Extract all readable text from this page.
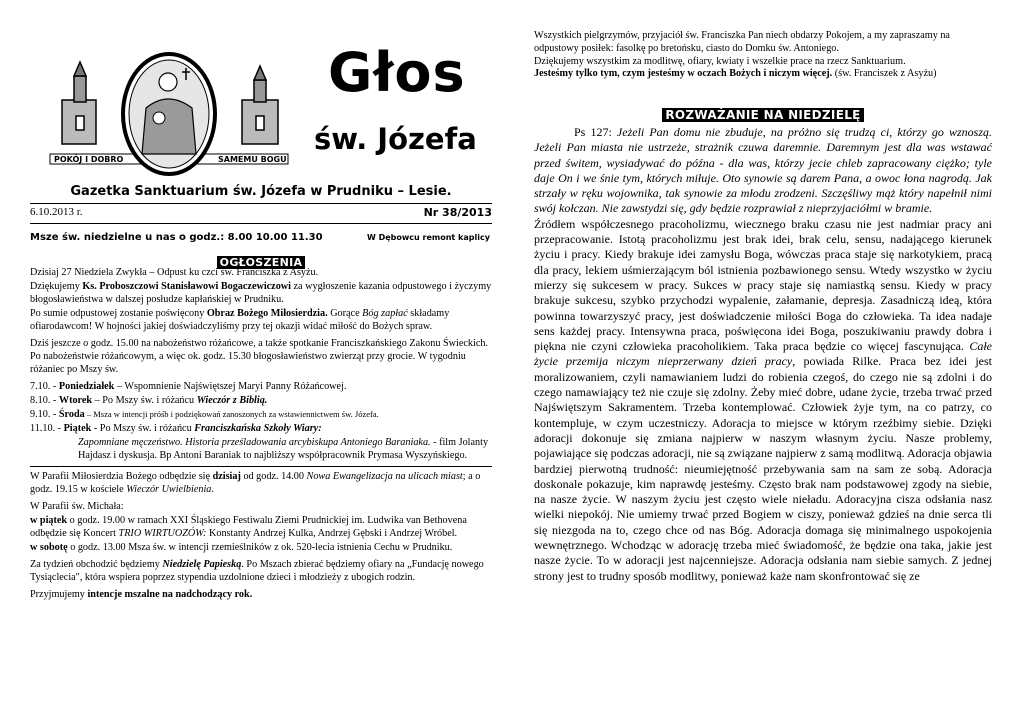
POKÓJ I DOBRO	SAMEMU BOGU
Głos
św. Józefa
Gazetka Sanktuarium św. Józefa w Prudniku – Lesie.
6.10.2013 r.	Nr 38/2013
Msze św. niedzielne u nas o godz.: 8.00 10.00 11.30	W Dębowcu remont kaplicy
OGŁOSZENIA

Dzisiaj 27 Niedziela Zwykła – Odpust ku czci św. Franciszka z Asyżu.

Dziękujemy Ks. Proboszczowi Stanisławowi Bogaczewiczowi za wygłoszenie kazania odpustowego i życzymy błogosławieństwa w dalszej posłudze kapłańskiej w Prudniku.

Po sumie odpustowej zostanie poświęcony Obraz Bożego Miłosierdzia. Gorące Bóg zapłać składamy ofiarodawcom! W hojności jakiej doświadczyliśmy przy tej okazji widać miłość do Bożych spraw.

Dziś jeszcze o godz. 15.00 na nabożeństwo różańcowe, a także spotkanie Franciszkańskiego Zakonu Świeckich. Po nabożeństwie różańcowym, a więc ok. godz. 15.30 błogosławieństwo zwierząt przy grocie. W tygodniu różaniec po Mszy św.

7.10. - Poniedziałek – Wspomnienie Najświętszej Maryi Panny Różańcowej.

8.10. - Wtorek – Po Mszy św. i różańcu Wieczór z Biblią.

9.10. - Środa – Msza w intencji próśb i podziękowań zanoszonych za wstawiennictwem św. Józefa.

11.10. - Piątek - Po Mszy św. i różańcu Franciszkańska Szkoły Wiary:

Zapomniane męczeństwo. Historia prześladowania arcybiskupa Antoniego Baraniaka. - film Jolanty Hajdasz i dyskusja. Bp Antoni Baraniak to najbliższy współpracownik Prymasa Wyszyńskiego.

W Parafii Miłosierdzia Bożego odbędzie się dzisiaj od godz. 14.00 Nowa Ewangelizacja na ulicach miast; a o godz. 19.15 w kościele Wieczór Uwielbienia.

W Parafii św. Michała:

w piątek o godz. 19.00 w ramach XXI Śląskiego Festiwalu Ziemi Prudnickiej im. Ludwika van Bethovena odbędzie się Koncert TRIO WIRTUOZÓW: Konstanty Andrzej Kulka, Andrzej Gębski i Andrzej Wróbel.

w sobotę o godz. 13.00 Msza św. w intencji rzemieślników z ok. 520-lecia istnienia Cechu w Prudniku.

Za tydzień obchodzić będziemy Niedzielę Papieską. Po Mszach zbierać będziemy ofiary na „Fundację nowego Tysiąclecia", która wspiera poprzez stypendia uzdolnione dzieci i młodzieży z ubogich rodzin.

Przyjmujemy intencje mszalne na nadchodzący rok.

Wszystkich pielgrzymów, przyjaciół św. Franciszka Pan niech obdarzy Pokojem, a my zapraszamy na odpustowy posiłek: fasolkę po bretońsku, ciasto do Domku św. Antoniego.

Dziękujemy wszystkim za modlitwę, ofiary, kwiaty i wszelkie prace na rzecz Sanktuarium.

Jesteśmy tylko tym, czym jesteśmy w oczach Bożych i niczym więcej. (św. Franciszek z Asyżu)

ROZWAŻANIE NA NIEDZIELĘ

Ps 127: Jeżeli Pan domu nie zbuduje, na próżno się trudzą ci, którzy go wznoszą. Jeżeli Pan miasta nie ustrzeże, strażnik czuwa daremnie. Daremnym jest dla was wstawać przed świtem, wysiadywać do późna - dla was, którzy jecie chleb zapracowany ciężko; tyle daje On i we śnie tym, których miłuje. Oto synowie są darem Pana, a owoc łona nagrodą. Jak strzały w ręku wojownika, tak synowie za młodu zrodzeni. Szczęśliwy mąż który napełnił nimi swój kołczan. Nie zawstydzi się, gdy będzie rozprawiał z nieprzyjaciółmi w bramie.

Źródłem współczesnego pracoholizmu, wiecznego braku czasu nie jest nadmiar pracy ani przepracowanie. Istotą pracoholizmu jest brak idei, brak celu, sensu, nadającego kierunek życiu i pracy. Kiedy brakuje idei zamysłu Boga, wówczas praca staje się narkotykiem, pracą dla pracy, lekiem uśmierzającym ból istnienia pozbawionego sensu. Wtedy wszystko w życiu mierzy się sukcesem w pracy. Sukces w pracy staje się namiastką sensu. Kiedy w pracy brakuje sukcesu, szybko przychodzi wypalenie, załamanie, depresja. Zasadniczą ideą, która powinna towarzyszyć pracy, jest doświadczenie miłości Boga do człowieka. Ta idea nadaje sens każdej pracy. Intensywna praca, poświęcona idei Boga, poszukiwaniu prawdy dobra i piękna nie czyni człowieka pracoholikiem. Taka praca będzie co więcej fascynująca. Całe życie przemija niczym nieprzerwany dzień pracy, powiada Rilke. Praca bez idei jest moralizowaniem, czyli namawianiem ludzi do robienia czegoś, do czego nie są zdolni i do czego namawiający też nie czuje się zdolny. Żeby mieć dobre, udane życie, trzeba trwać przed Najświętszym Sakramentem. Trzeba kontemplować. Człowiek żyje tym, na co patrzy, co kontempluje, w czym uczestniczy. Adoracja to miejsce w którym rzeźbimy siebie. Dzięki adoracji dokonuje się zmiana najpierw w naszym własnym życiu. Nasze problemy, pojawiające się podczas adoracji, nie są związane najpierw z samą modlitwą. Adoracja objawia bardziej pierwotną trudność: nieumiejętność przebywania sam na sam ze sobą. Adoracja doskonale pokazuje, kim naprawdę jesteśmy. Często brak nam podstawowej zgody na siebie, na nasze życie. W naszym życiu jest często wiele nieładu. Adoracyjna cisza odsłania nasz wielki niepokój. Nie umiemy trwać przed Bogiem w ciszy, ponieważ gdzieś na dnie serca tli się niezgoda na to, czego chce od nas Bóg. Adoracja domaga się minimalnego uspokojenia wewnętrznego. Wchodząc w adorację trzeba mieć świadomość, że będzie ona taka, jakie jest nasze życie. To w adoracji jest najcenniejsze. Adoracja odsłania nam siebie samych. Z jednej strony jest to trudny sposób modlitwy, ponieważ każe nam skonfrontować się ze
